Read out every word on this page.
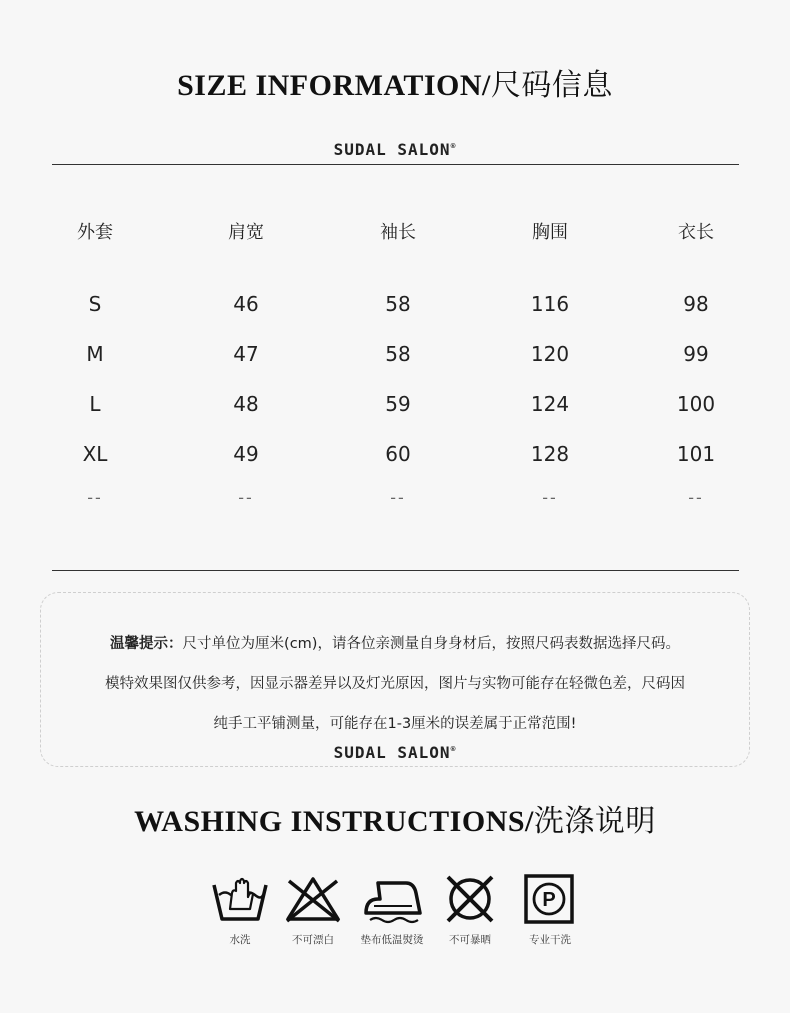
SIZE INFORMATION/尺码信息
SUDAL SALON®
外套	肩宽	袖长	胸围	衣长
S	46	58	116	98
M	47	58	120	99
L	48	59	124	100
XL	49	60	128	101
--	--	--	--	--
温馨提示：尺寸单位为厘米(cm)，请各位亲测量自身身材后，按照尺码表数据选择尺码。
模特效果图仅供参考，因显示器差异以及灯光原因，图片与实物可能存在轻微色差，尺码因
纯手工平铺测量，可能存在1-3厘米的误差属于正常范围!
SUDAL SALON®
WASHING INSTRUCTIONS/洗涤说明
水洗	不可漂白	垫布低温熨烫	不可暴晒
P
专业干洗
